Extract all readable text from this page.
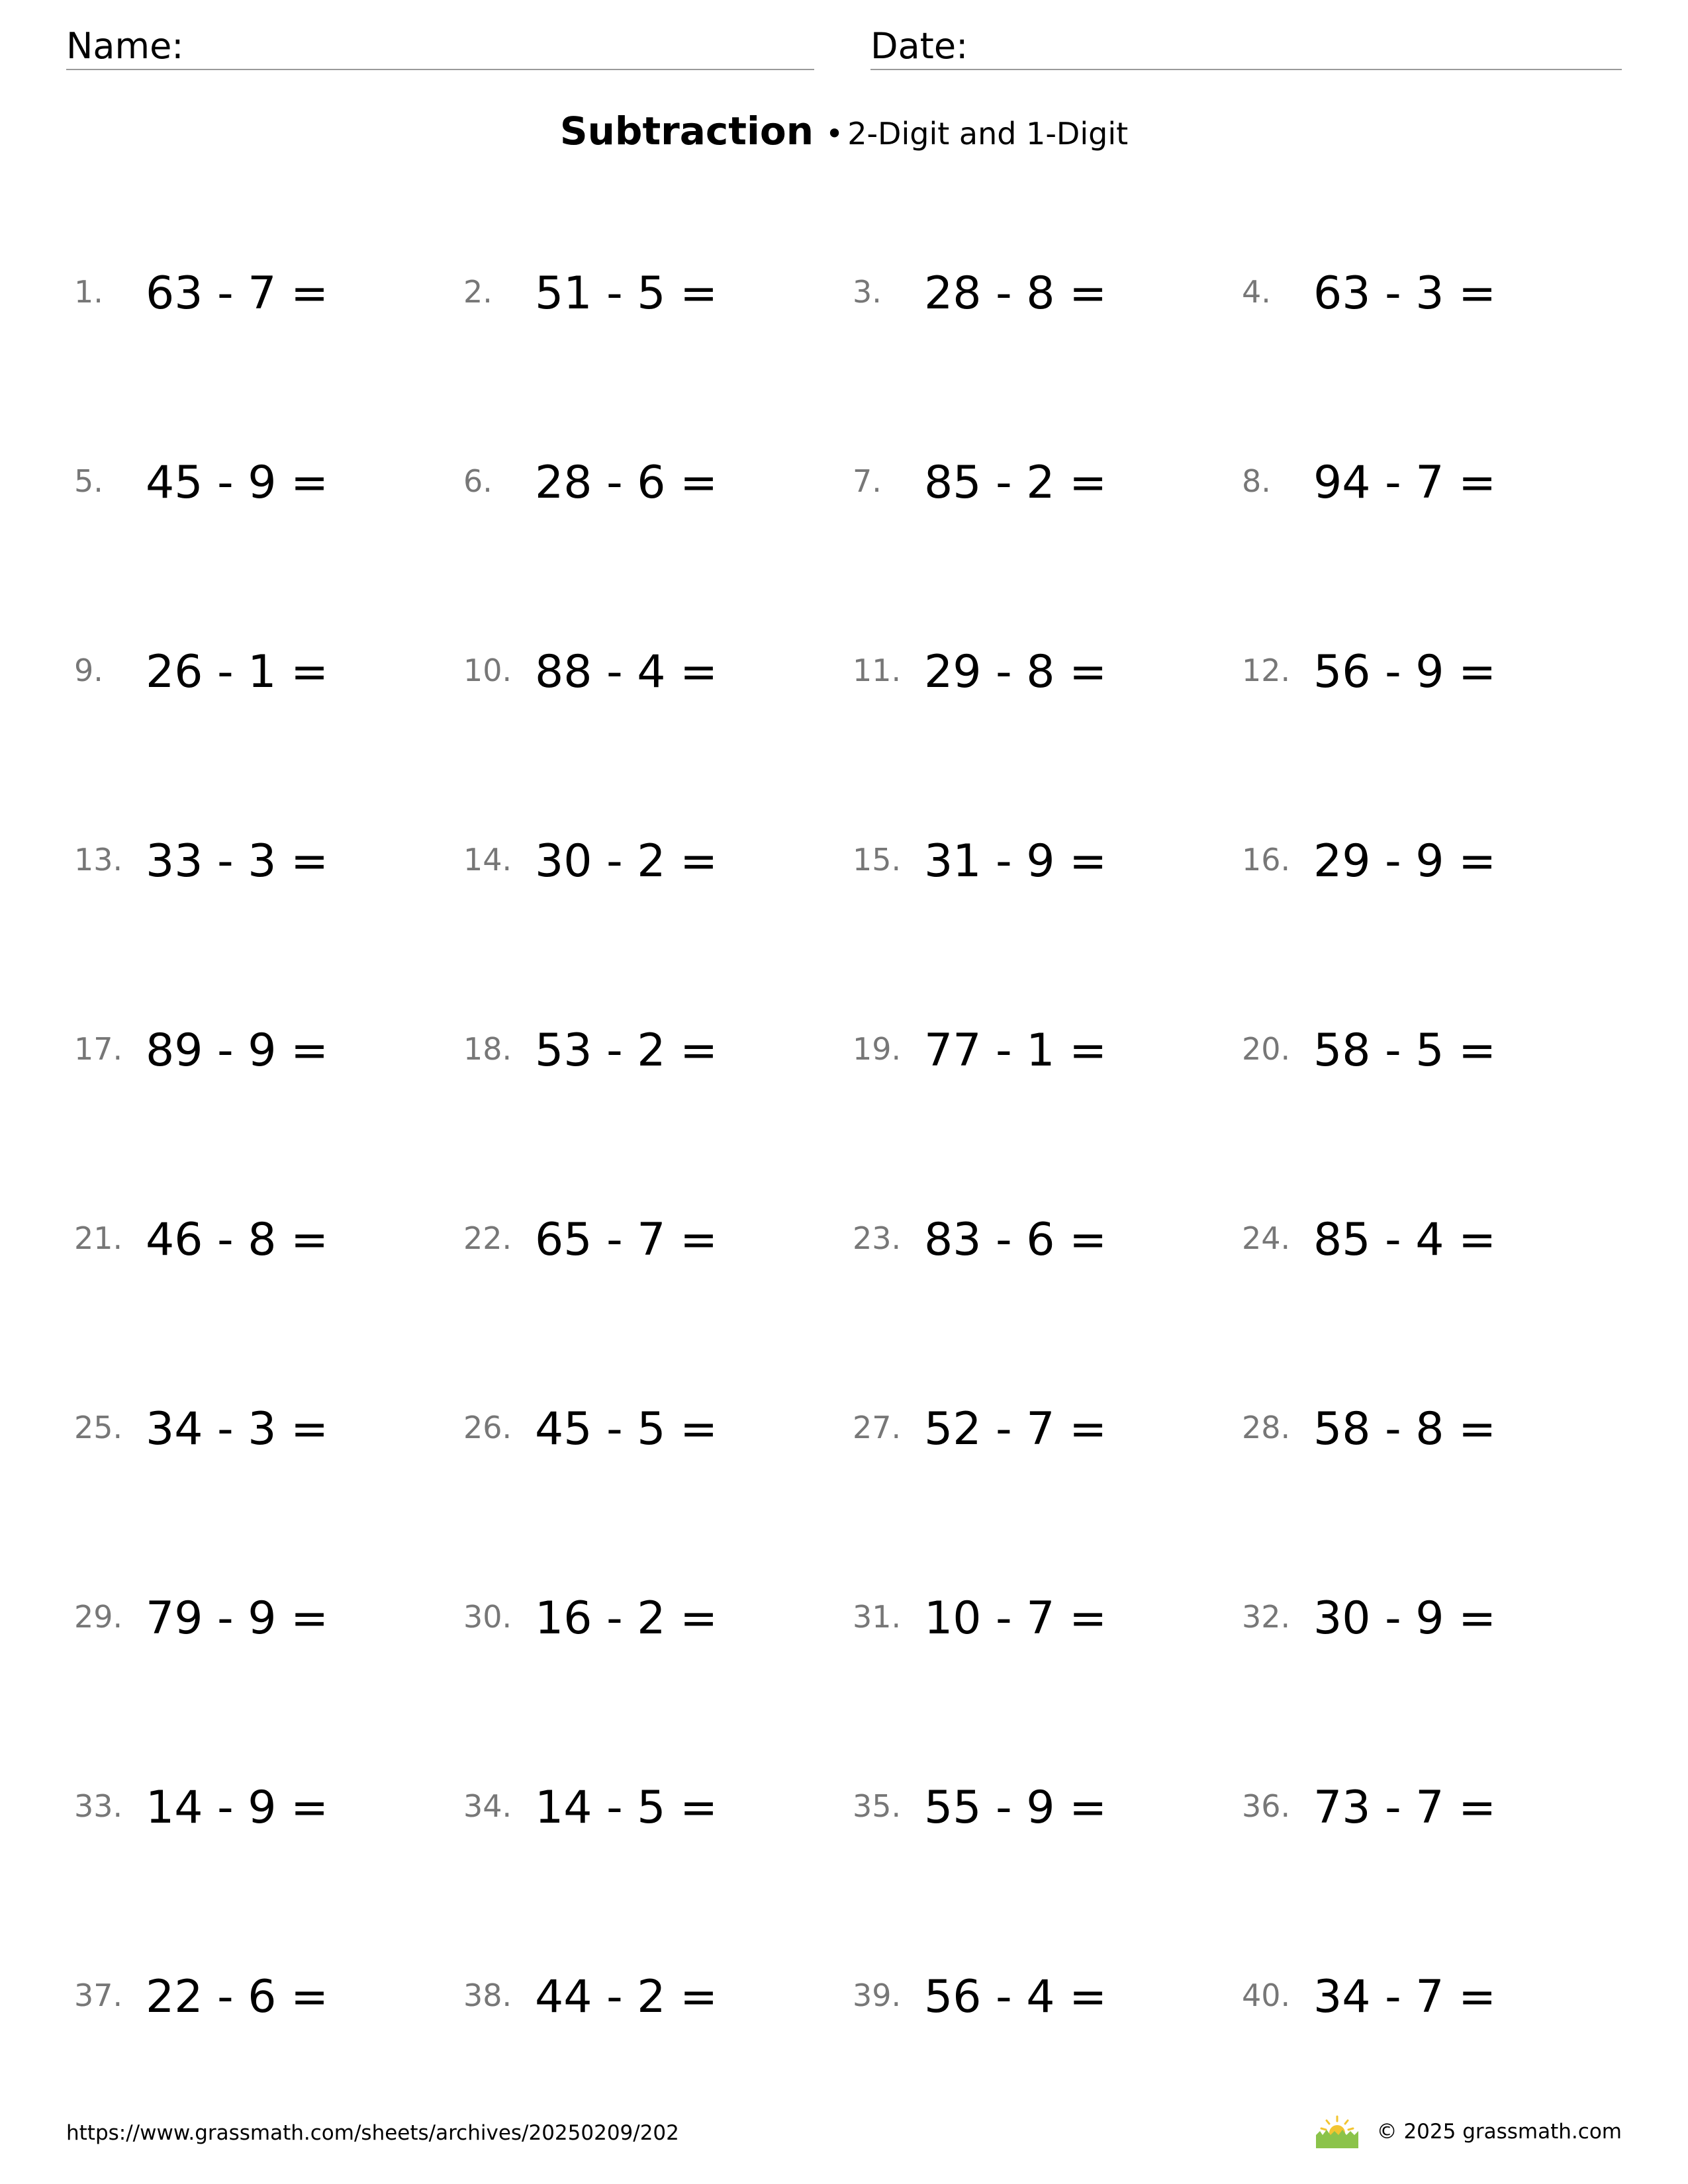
Name:	Date:
Subtraction • 2-Digit and 1-Digit
1. 63 - 7 =	2. 51 - 5 =	3. 28 - 8 =	4. 63 - 3 =
5. 45 - 9 =	6. 28 - 6 =	7. 85 - 2 =	8. 94 - 7 =
9. 26 - 1 =	10. 88 - 4 =	11. 29 - 8 =	12. 56 - 9 =
13. 33 - 3 =	14. 30 - 2 =	15. 31 - 9 =	16. 29 - 9 =
17. 89 - 9 =	18. 53 - 2 =	19. 77 - 1 =	20. 58 - 5 =
21. 46 - 8 =	22. 65 - 7 =	23. 83 - 6 =	24. 85 - 4 =
25. 34 - 3 =	26. 45 - 5 =	27. 52 - 7 =	28. 58 - 8 =
29. 79 - 9 =	30. 16 - 2 =	31. 10 - 7 =	32. 30 - 9 =
33. 14 - 9 =	34. 14 - 5 =	35. 55 - 9 =	36. 73 - 7 =
37. 22 - 6 =	38. 44 - 2 =	39. 56 - 4 =	40. 34 - 7 =
https://www.grassmath.com/sheets/archives/20250209/202	© 2025 grassmath.com
